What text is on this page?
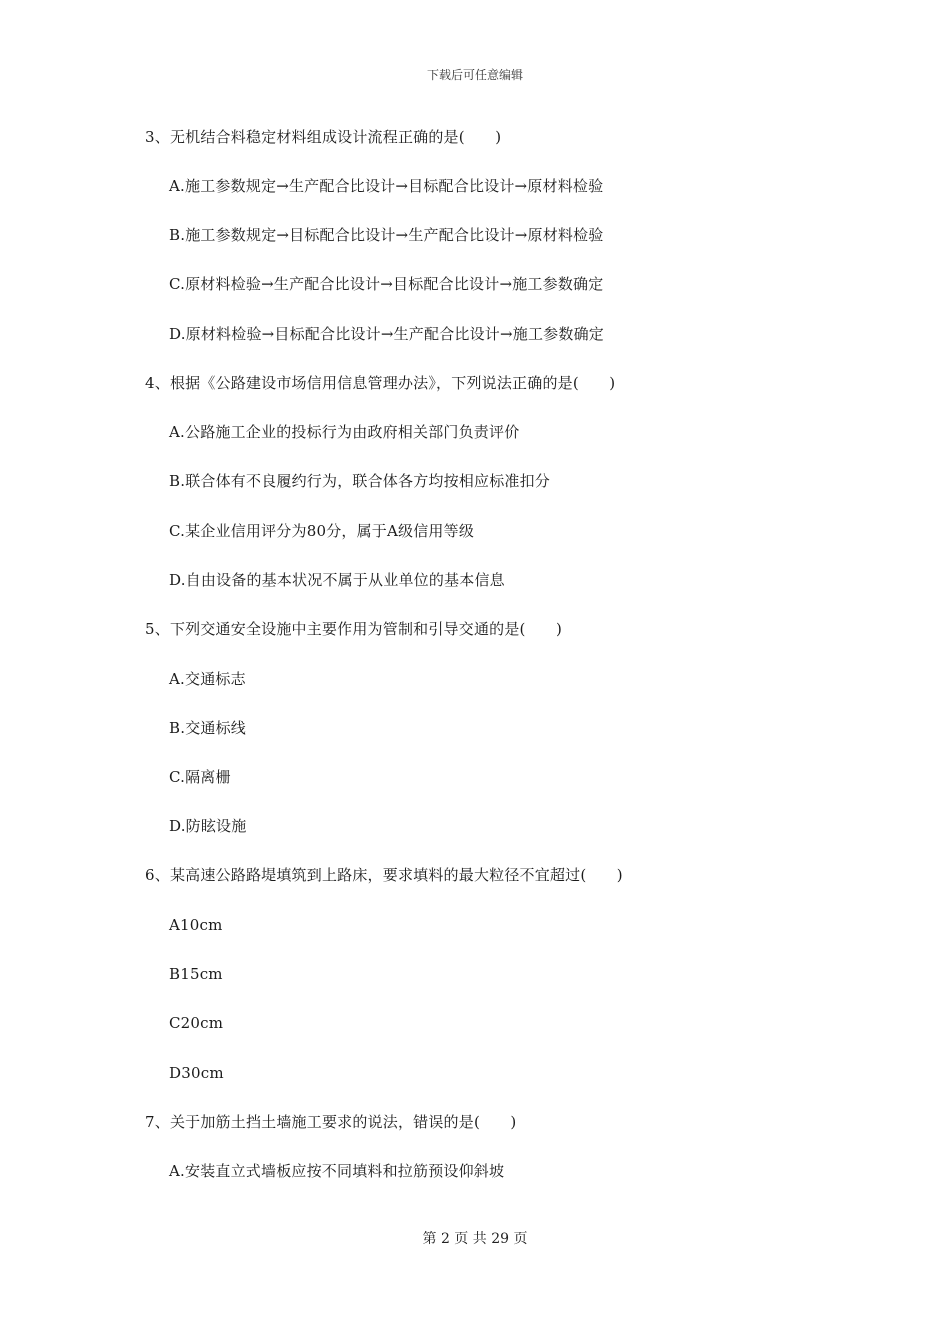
下载后可任意编辑
3、无机结合料稳定材料组成设计流程正确的是(　　)
A.施工参数规定→生产配合比设计→目标配合比设计→原材料检验
B.施工参数规定→目标配合比设计→生产配合比设计→原材料检验
C.原材料检验→生产配合比设计→目标配合比设计→施工参数确定
D.原材料检验→目标配合比设计→生产配合比设计→施工参数确定
4、根据《公路建设市场信用信息管理办法》，下列说法正确的是(　　)
A.公路施工企业的投标行为由政府相关部门负责评价
B.联合体有不良履约行为，联合体各方均按相应标准扣分
C.某企业信用评分为80分，属于A级信用等级
D.自由设备的基本状况不属于从业单位的基本信息
5、下列交通安全设施中主要作用为管制和引导交通的是(　　)
A.交通标志
B.交通标线
C.隔离栅
D.防眩设施
6、某高速公路路堤填筑到上路床，要求填料的最大粒径不宜超过(　　)
A10cm
B15cm
C20cm
D30cm
7、关于加筋土挡土墙施工要求的说法，错误的是(　　)
A.安装直立式墙板应按不同填料和拉筋预设仰斜坡
第 2 页 共 29 页
